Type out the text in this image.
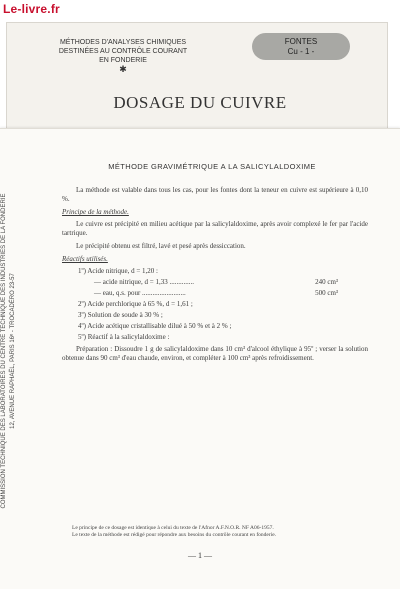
Le-livre.fr
MÉTHODES D'ANALYSES CHIMIQUES
DESTINÉES AU CONTRÔLE COURANT
EN FONDERIE
✱
FONTES
Cu - 1 -
DOSAGE DU CUIVRE
MÉTHODE GRAVIMÉTRIQUE A LA SALICYLALDOXIME
COMMISSION TECHNIQUE DES LABORATOIRES DU CENTRE TECHNIQUE DES INDUSTRIES DE LA FONDERIE 12, AVENUE RAPHAËL, PARIS 16ᵉ - TROCADÉRO 23-57

La méthode est valable dans tous les cas, pour les fontes dont la teneur en cuivre est supérieure à 0,10 %.

Principe de la méthode.

Le cuivre est précipité en milieu acétique par la salicylaldoxime, après avoir complexé le fer par l'acide tartrique.

Le précipité obtenu est filtré, lavé et pesé après dessiccation.

Réactifs utilisés.
1º) Acide nitrique, d = 1,20 :
— acide nitrique, d = 1,33 ..............	240 cm³
— eau, q.s. pour .........................	500 cm³
2º) Acide perchlorique à 65 %, d = 1,61 ;
3º) Solution de soude à 30 % ;
4º) Acide acétique cristallisable dilué à 50 % et à 2 % ;
5º) Réactif à la salicylaldoxime :

Préparation : Dissoudre 1 g de salicylaldoxime dans 10 cm³ d'alcool éthylique à 95º ; verser la solution obtenue dans 90 cm³ d'eau chaude, environ, et compléter à 100 cm³ après refroidissement.

Le principe de ce dosage est identique à celui du texte de l'Afnor A.F.N.O.R. NF A06-1957.
Le texte de la méthode est rédigé pour répondre aux besoins du contrôle courant en fonderie.
— 1 —
